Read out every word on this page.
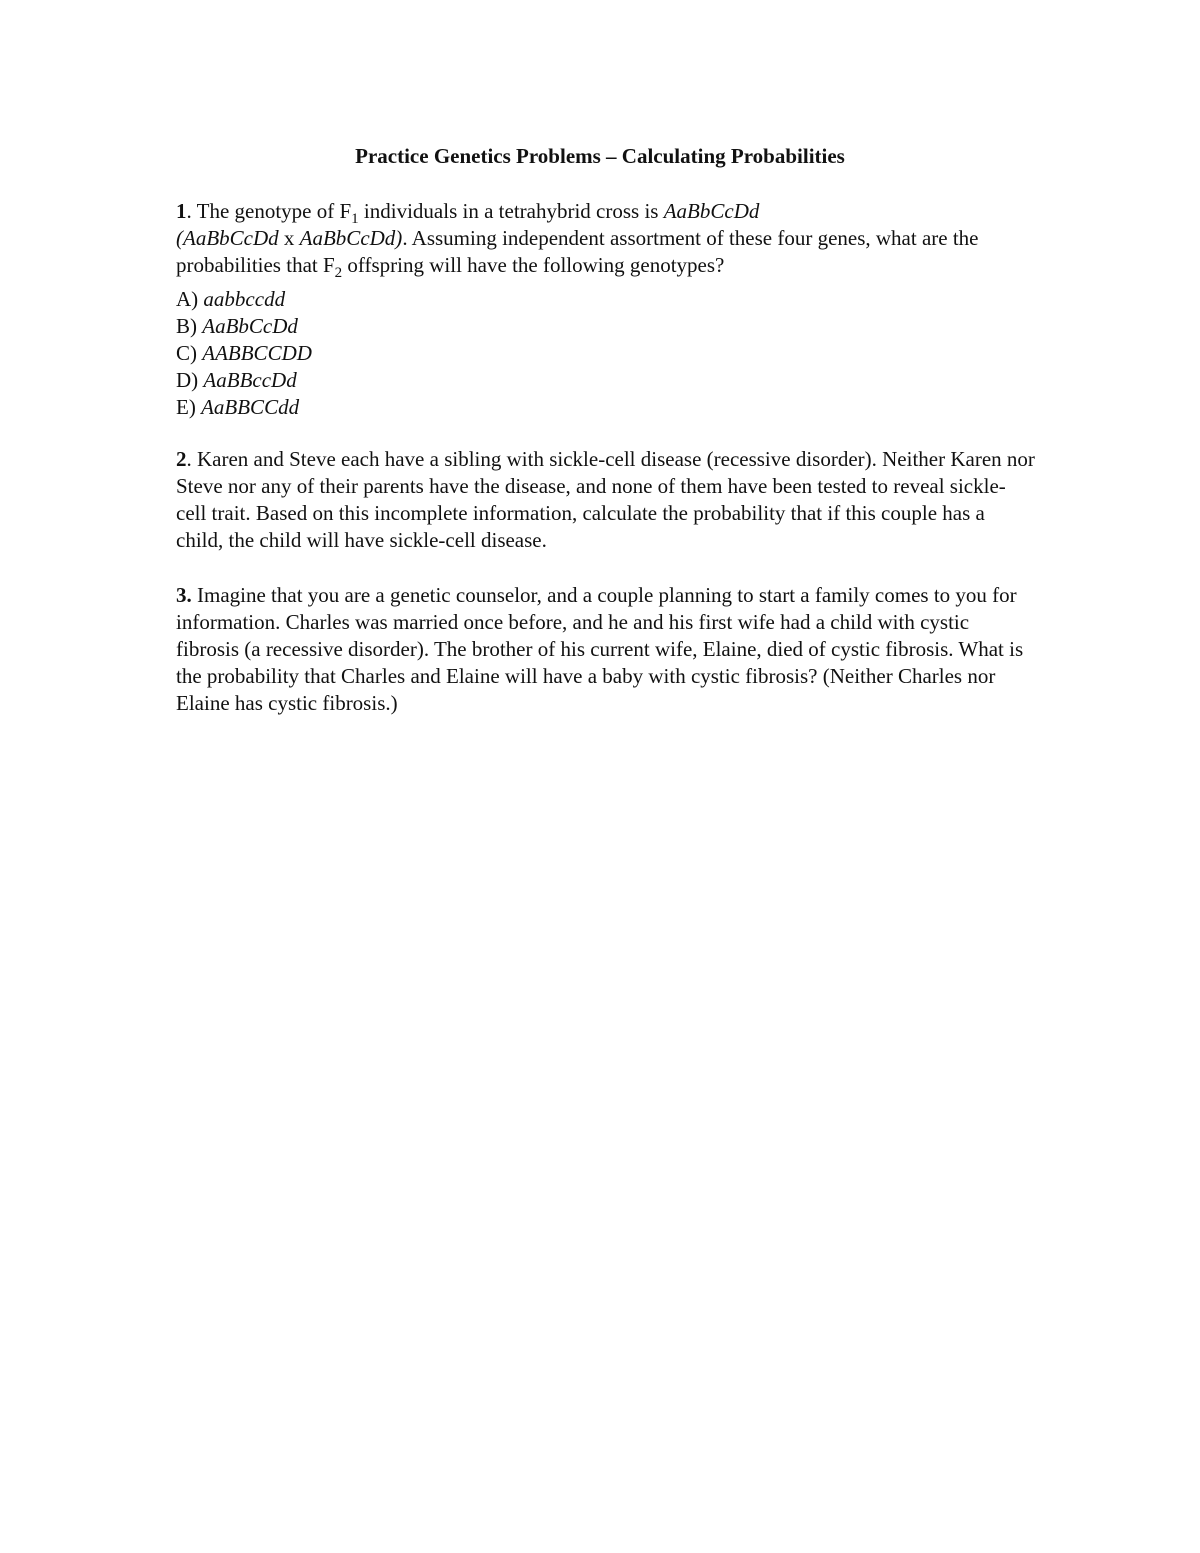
Practice Genetics Problems – Calculating Probabilities

1. The genotype of $F_1$ individuals in a tetrahybrid cross is AaBbCcDd
(AaBbCcDd x AaBbCcDd). Assuming independent assortment of these four genes, what are the probabilities that $F_2$ offspring will have the following genotypes?

A) aabbccdd

B) AaBbCcDd

C) AABBCCDD

D) AaBBccDd

E) AaBBCCdd

2. Karen and Steve each have a sibling with sickle-cell disease (recessive disorder). Neither Karen nor Steve nor any of their parents have the disease, and none of them have been tested to reveal sickle-cell trait. Based on this incomplete information, calculate the probability that if this couple has a child, the child will have sickle-cell disease.

3. Imagine that you are a genetic counselor, and a couple planning to start a family comes to you for information. Charles was married once before, and he and his first wife had a child with cystic fibrosis (a recessive disorder). The brother of his current wife, Elaine, died of cystic fibrosis. What is the probability that Charles and Elaine will have a baby with cystic fibrosis? (Neither Charles nor Elaine has cystic fibrosis.)
